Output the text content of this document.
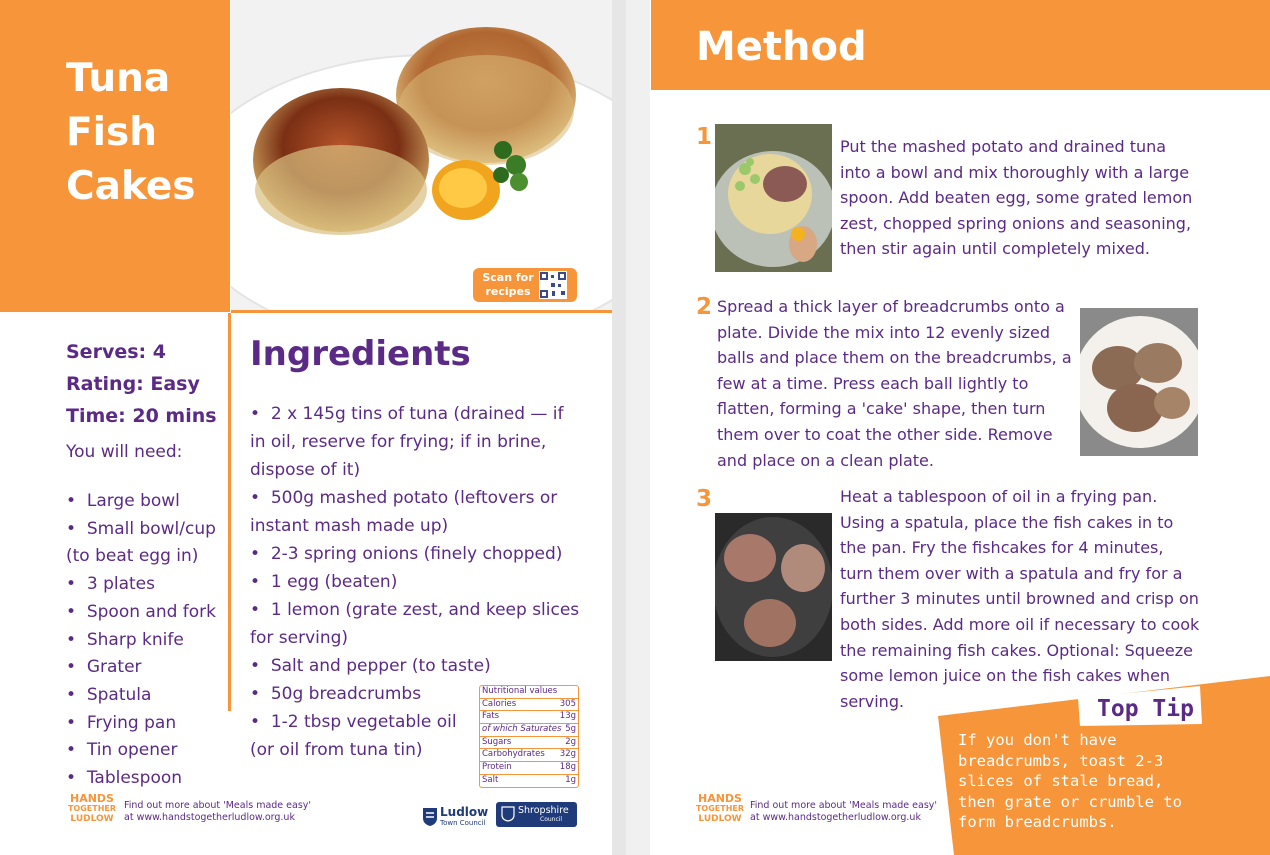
Tuna
Fish
Cakes
Scan for
recipes
Serves: 4
Rating: Easy
Time: 20 mins
You will need:
•  Large bowl
•  Small bowl/cup
(to beat egg in)
•  3 plates
•  Spoon and fork
•  Sharp knife
•  Grater
•  Spatula
•  Frying pan
•  Tin opener
•  Tablespoon
Ingredients
•  2 x 145g tins of tuna (drained — if in oil, reserve for frying; if in brine, dispose of it)
•  500g mashed potato (leftovers or instant mash made up)
•  2-3 spring onions (finely chopped)
•  1 egg (beaten)
•  1 lemon (grate zest, and keep slices for serving)
•  Salt and pepper (to taste)
•  50g breadcrumbs
•  1-2 tbsp vegetable oil (or oil from tuna tin)
Nutritional values
Calories	305
Fats	13g
of which Saturates 5g
Sugars	2g
Carbohydrates 32g
Protein	18g
Salt	1g
HANDS
TOGETHER
LUDLOW
Find out more about 'Meals made easy'
at www.handstogetherludlow.org.uk	Ludlow
Town Council
Shropshire
Council
Method
1	Put the mashed potato and drained tuna into a bowl and mix thoroughly with a large spoon. Add beaten egg, some grated lemon zest, chopped spring onions and seasoning, then stir again until completely mixed.
2 Spread a thick layer of breadcrumbs onto a plate. Divide the mix into 12 evenly sized balls and place them on the breadcrumbs, a few at a time. Press each ball lightly to flatten, forming a 'cake' shape, then turn them over to coat the other side. Remove and place on a clean plate.
3	Heat a tablespoon of oil in a frying pan. Using a spatula, place the fish cakes in to the pan. Fry the fishcakes for 4 minutes, turn them over with a spatula and fry for a further 3 minutes until browned and crisp on both sides. Add more oil if necessary to cook the remaining fish cakes. Optional: Squeeze some lemon juice on the fish cakes when serving.
HANDS
TOGETHER
LUDLOW
Find out more about 'Meals made easy'
at www.handstogetherludlow.org.uk
Top Tip
If you don't have breadcrumbs, toast 2-3 slices of stale bread, then grate or crumble to form breadcrumbs.
